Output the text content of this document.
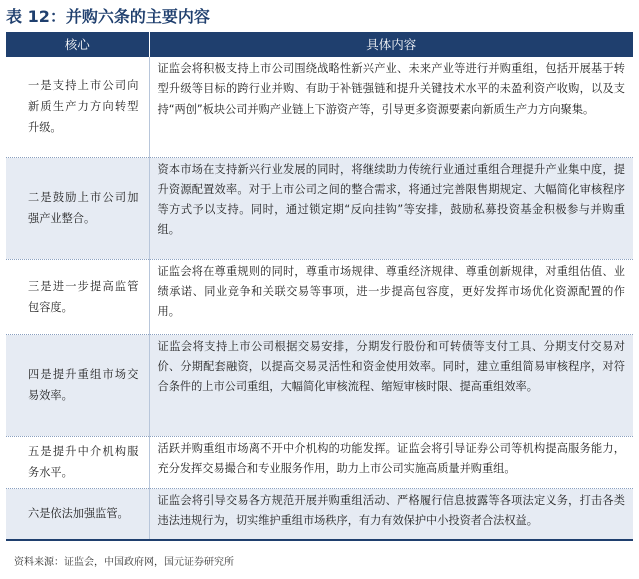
表 12：并购六条的主要内容
核心	具体内容
一是支持上市公司向新质生产力方向转型升级。	证监会将积极支持上市公司围绕战略性新兴产业、未来产业等进行并购重组，包括开展基于转型升级等目标的跨行业并购、有助于补链强链和提升关键技术水平的未盈利资产收购，以及支持“两创”板块公司并购产业链上下游资产等，引导更多资源要素向新质生产力方向聚集。
二是鼓励上市公司加强产业整合。	资本市场在支持新兴行业发展的同时，将继续助力传统行业通过重组合理提升产业集中度，提升资源配置效率。对于上市公司之间的整合需求，将通过完善限售期规定、大幅简化审核程序等方式予以支持。同时，通过锁定期“反向挂钩”等安排，鼓励私募投资基金积极参与并购重组。
三是进一步提高监管包容度。	证监会将在尊重规则的同时，尊重市场规律、尊重经济规律、尊重创新规律，对重组估值、业绩承诺、同业竞争和关联交易等事项，进一步提高包容度，更好发挥市场优化资源配置的作用。
四是提升重组市场交易效率。	证监会将支持上市公司根据交易安排，分期发行股份和可转债等支付工具、分期支付交易对价、分期配套融资，以提高交易灵活性和资金使用效率。同时，建立重组简易审核程序，对符合条件的上市公司重组，大幅简化审核流程、缩短审核时限、提高重组效率。
五是提升中介机构服务水平。	活跃并购重组市场离不开中介机构的功能发挥。证监会将引导证券公司等机构提高服务能力，充分发挥交易撮合和专业服务作用，助力上市公司实施高质量并购重组。
六是依法加强监管。	证监会将引导交易各方规范开展并购重组活动、严格履行信息披露等各项法定义务，打击各类违法违规行为，切实维护重组市场秩序，有力有效保护中小投资者合法权益。
资料来源：证监会，中国政府网，国元证券研究所
